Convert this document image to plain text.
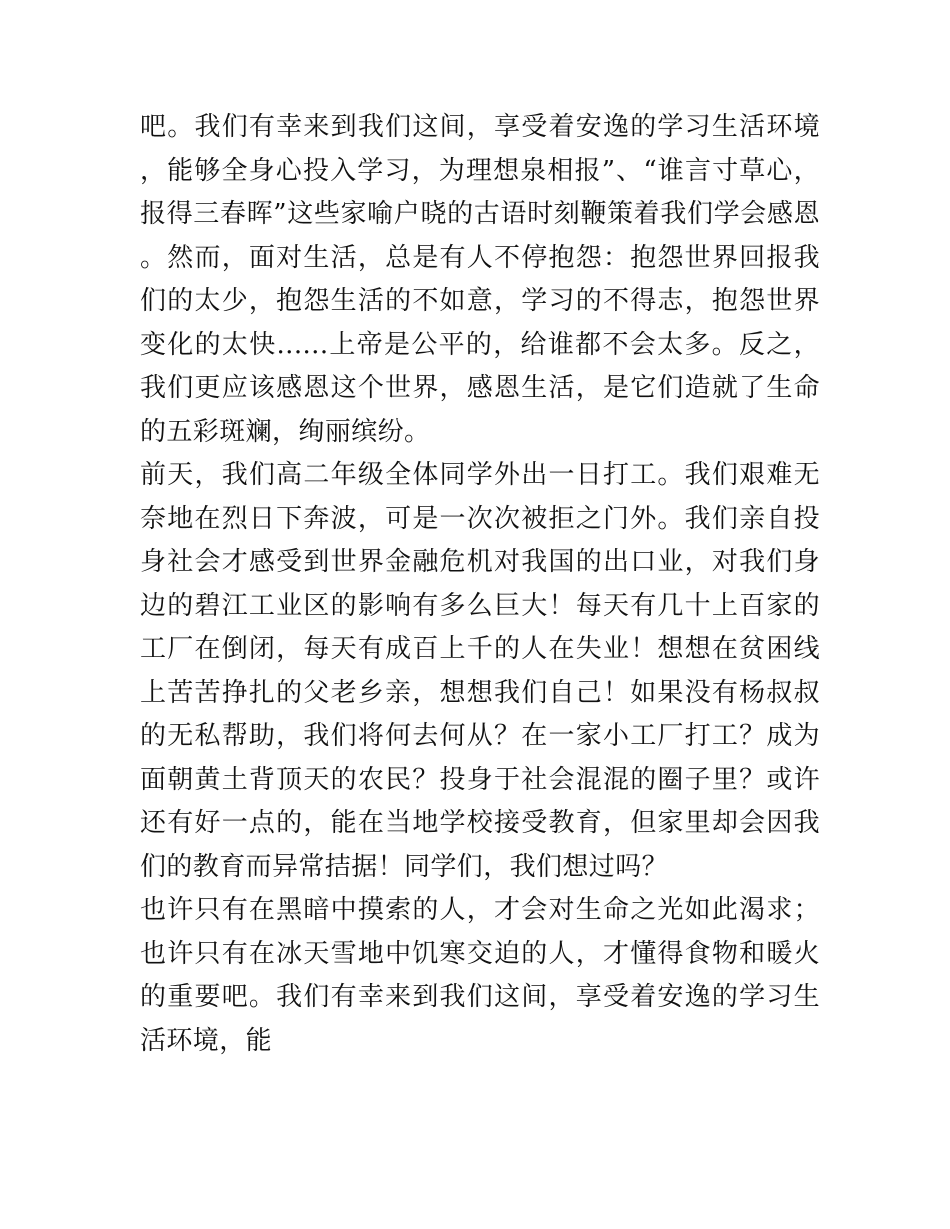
吧。我们有幸来到我们这间，享受着安逸的学习生活环境，能够全身心投入学习，为理想泉相报”、“谁言寸草心，报得三春晖”这些家喻户晓的古语时刻鞭策着我们学会感恩。然而，面对生活，总是有人不停抱怨：抱怨世界回报我们的太少，抱怨生活的不如意，学习的不得志，抱怨世界变化的太快......上帝是公平的，给谁都不会太多。反之，我们更应该感恩这个世界，感恩生活，是它们造就了生命的五彩斑斓，绚丽缤纷。

前天，我们高二年级全体同学外出一日打工。我们艰难无奈地在烈日下奔波，可是一次次被拒之门外。我们亲自投身社会才感受到世界金融危机对我国的出口业，对我们身边的碧江工业区的影响有多么巨大！每天有几十上百家的工厂在倒闭，每天有成百上千的人在失业！想想在贫困线上苦苦挣扎的父老乡亲，想想我们自己！如果没有杨叔叔的无私帮助，我们将何去何从？在一家小工厂打工？成为面朝黄土背顶天的农民？投身于社会混混的圈子里？或许还有好一点的，能在当地学校接受教育，但家里却会因我们的教育而异常拮据！同学们，我们想过吗？

也许只有在黑暗中摸索的人，才会对生命之光如此渴求；也许只有在冰天雪地中饥寒交迫的人，才懂得食物和暖火的重要吧。我们有幸来到我们这间，享受着安逸的学习生活环境，能
